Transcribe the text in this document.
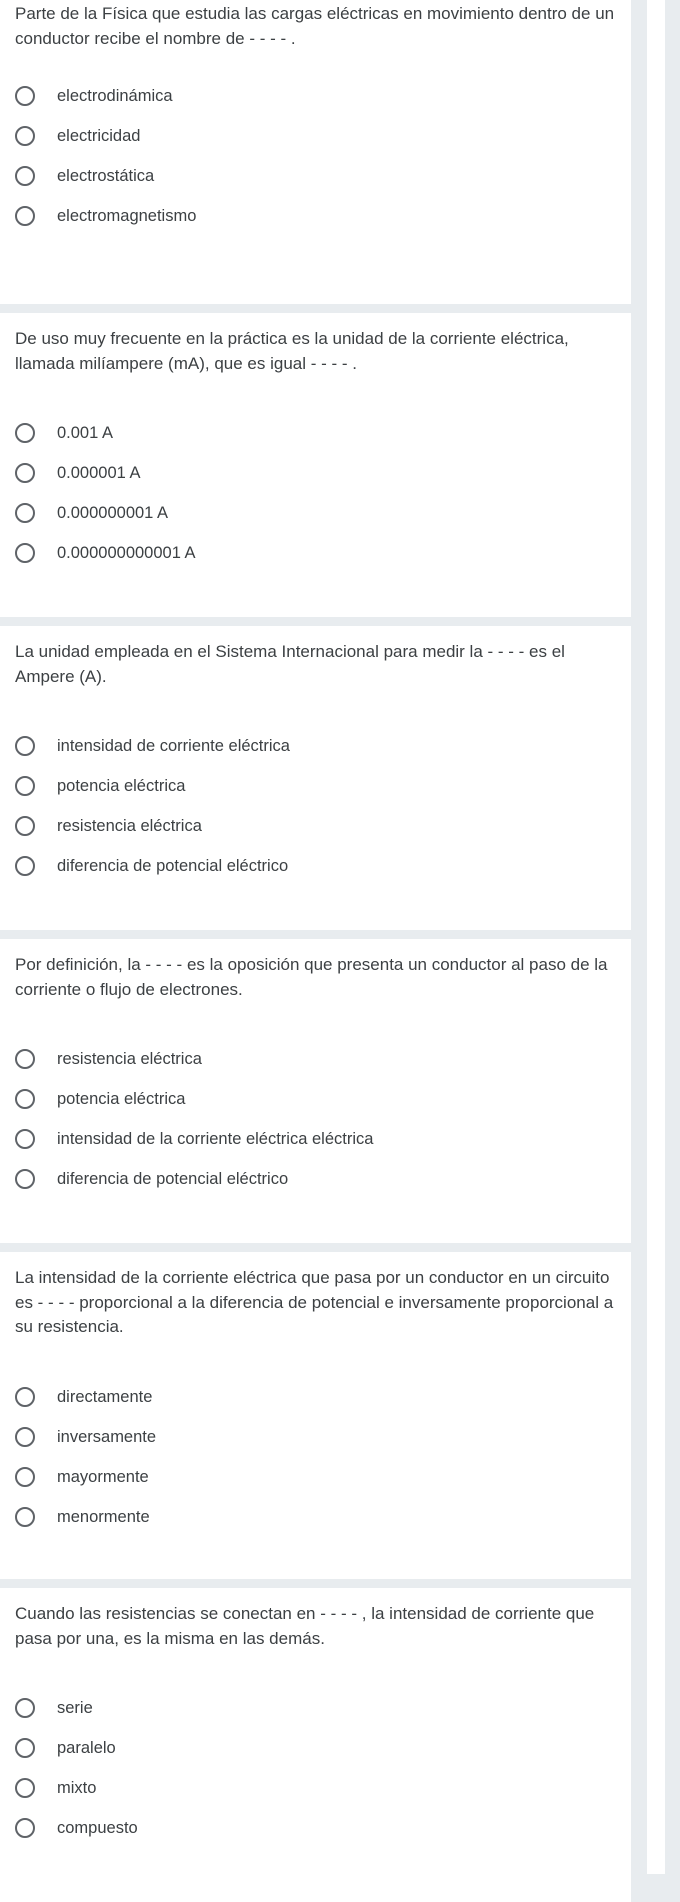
Parte de la Física que estudia las cargas eléctricas en movimiento dentro de un conductor recibe el nombre de - - - - .

electrodinámica
electricidad
electrostática
electromagnetismo

De uso muy frecuente en la práctica es la unidad de la corriente eléctrica, llamada milíampere (mA), que es igual - - - - .

0.001 A
0.000001 A
0.000000001 A
0.000000000001 A

La unidad empleada en el Sistema Internacional para medir la - - - - es el Ampere (A).

intensidad de corriente eléctrica
potencia eléctrica
resistencia eléctrica
diferencia de potencial eléctrico

Por definición, la - - - - es la oposición que presenta un conductor al paso de la corriente o flujo de electrones.

resistencia eléctrica
potencia eléctrica
intensidad de la corriente eléctrica eléctrica
diferencia de potencial eléctrico

La intensidad de la corriente eléctrica que pasa por un conductor en un circuito es - - - - proporcional a la diferencia de potencial e inversamente proporcional a su resistencia.

directamente
inversamente
mayormente
menormente

Cuando las resistencias se conectan en - - - - , la intensidad de corriente que pasa por una, es la misma en las demás.

serie
paralelo
mixto
compuesto
